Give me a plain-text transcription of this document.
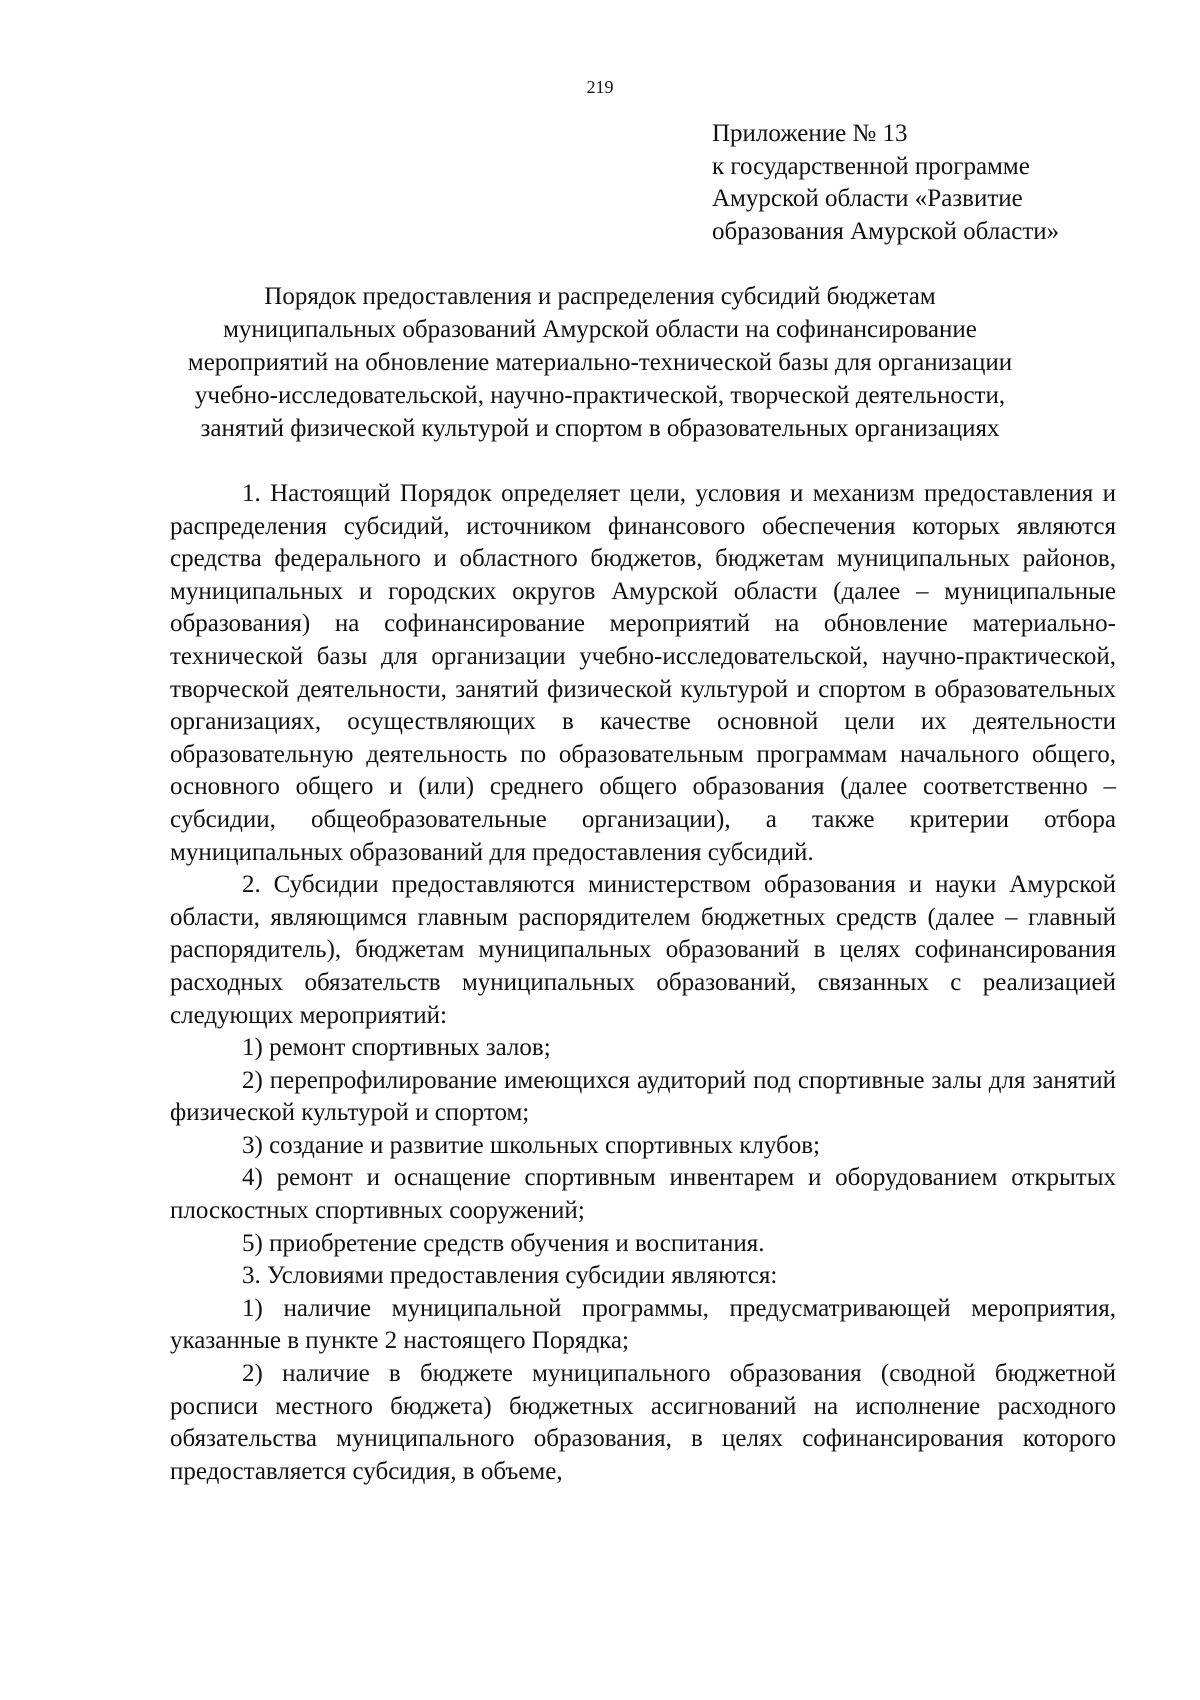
219
Приложение № 13
к государственной программе
Амурской области «Развитие
образования Амурской области»
Порядок предоставления и распределения субсидий бюджетам
муниципальных образований Амурской области на софинансирование
мероприятий на обновление материально-технической базы для организации
учебно-исследовательской, научно-практической, творческой деятельности,
занятий физической культурой и спортом в образовательных организациях

1. Настоящий Порядок определяет цели, условия и механизм предоставления и распределения субсидий, источником финансового обеспечения которых являются средства федерального и областного бюджетов, бюджетам муниципальных районов, муниципальных и городских округов Амурской области (далее – муниципальные образования) на софинансирование мероприятий на обновление материально-технической базы для организации учебно-исследовательской, научно-практической, творческой деятельности, занятий физической культурой и спортом в образовательных организациях, осуществляющих в качестве основной цели их деятельности образовательную деятельность по образовательным программам начального общего, основного общего и (или) среднего общего образования (далее соответственно – субсидии, общеобразовательные организации), а также критерии отбора муниципальных образований для предоставления субсидий.

2. Субсидии предоставляются министерством образования и науки Амурской области, являющимся главным распорядителем бюджетных средств (далее – главный распорядитель), бюджетам муниципальных образований в целях софинансирования расходных обязательств муниципальных образований, связанных с реализацией следующих мероприятий:

1) ремонт спортивных залов;

2) перепрофилирование имеющихся аудиторий под спортивные залы для занятий физической культурой и спортом;

3) создание и развитие школьных спортивных клубов;

4) ремонт и оснащение спортивным инвентарем и оборудованием открытых плоскостных спортивных сооружений;

5) приобретение средств обучения и воспитания.

3. Условиями предоставления субсидии являются:

1) наличие муниципальной программы, предусматривающей мероприятия, указанные в пункте 2 настоящего Порядка;

2) наличие в бюджете муниципального образования (сводной бюджетной росписи местного бюджета) бюджетных ассигнований на исполнение расходного обязательства муниципального образования, в целях софинансирования которого предоставляется субсидия, в объеме,
